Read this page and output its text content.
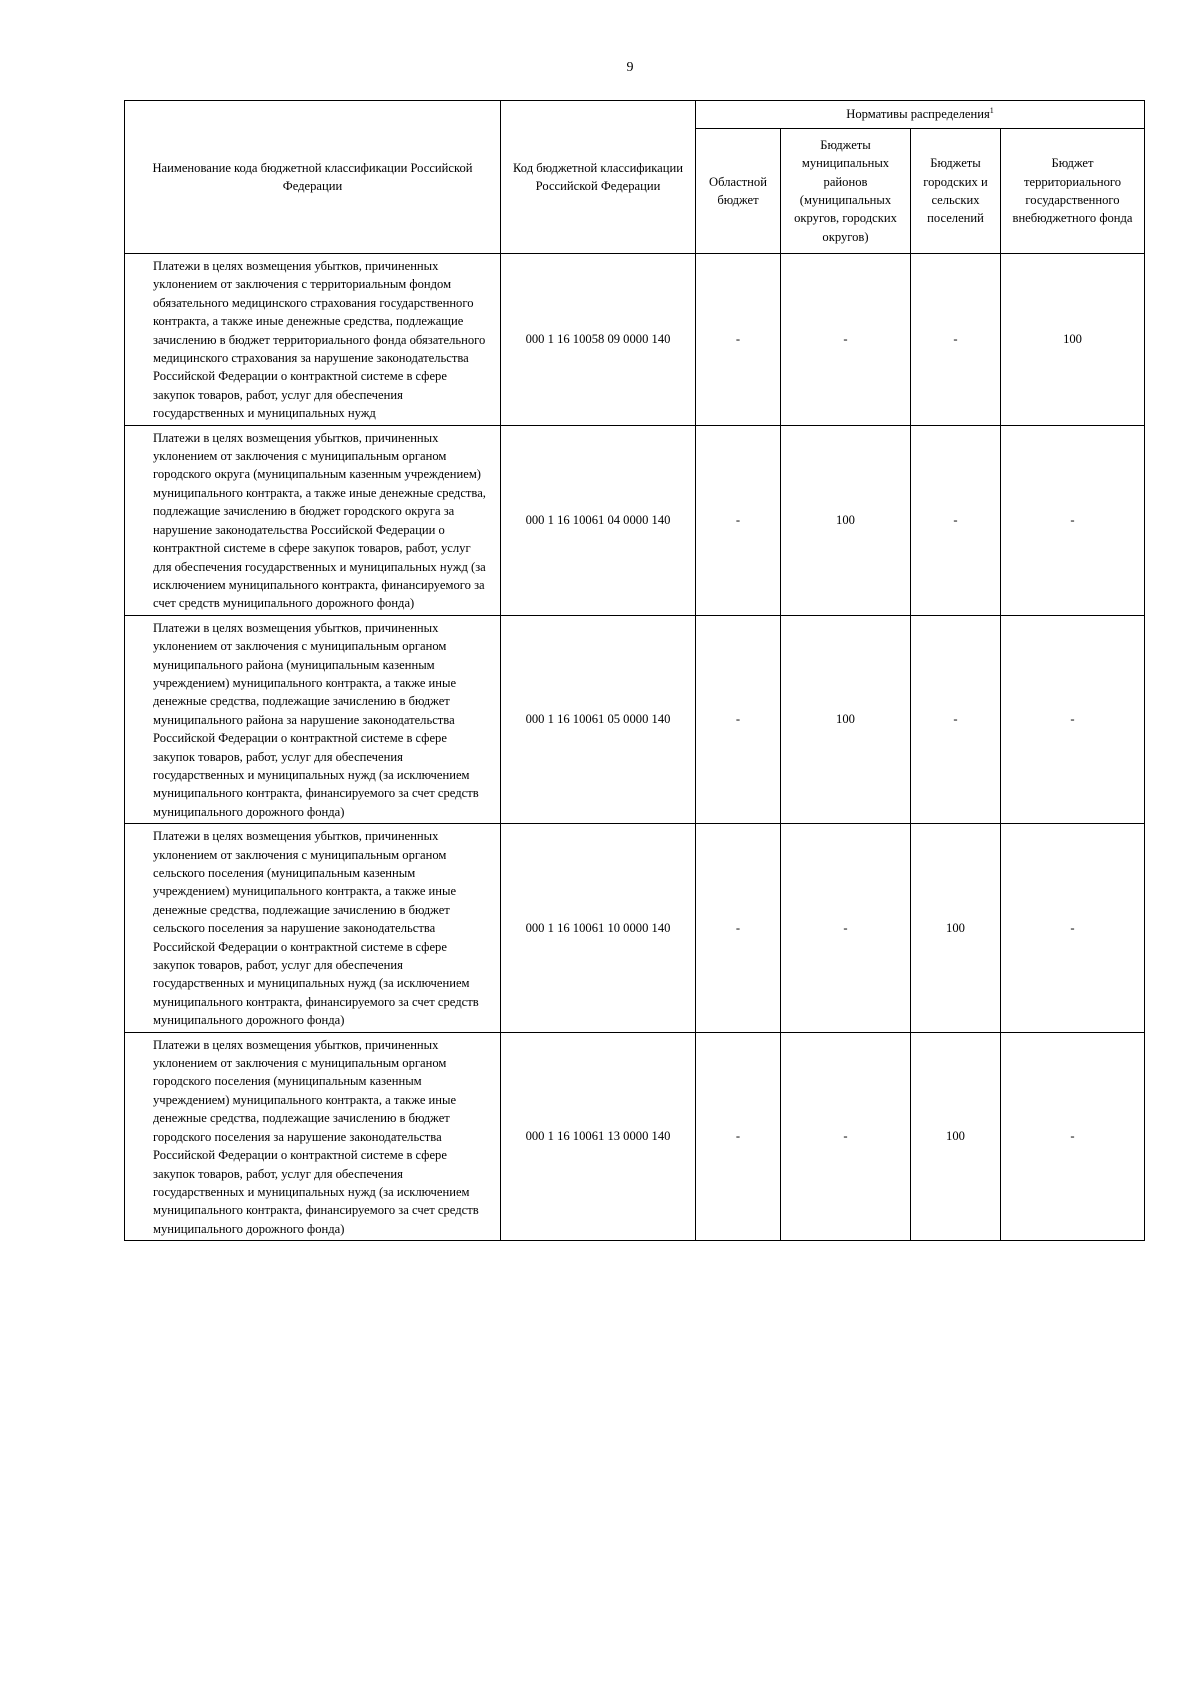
9
Наименование кода бюджетной классификации Российской Федерации	Код бюджетной классификации Российской Федерации	Нормативы распределения$^1$
		Областной бюджет	Бюджеты муниципальных районов (муниципальных округов, городских округов)	Бюджеты городских и сельских поселений	Бюджет территориального государственного внебюджетного фонда
Платежи в целях возмещения убытков, причиненных уклонением от заключения с территориальным фондом обязательного медицинского страхования государственного контракта, а также иные денежные средства, подлежащие зачислению в бюджет территориального фонда обязательного медицинского страхования за нарушение законодательства Российской Федерации о контрактной системе в сфере закупок товаров, работ, услуг для обеспечения государственных и муниципальных нужд	000 1 16 10058 09 0000 140	-	-	-	100
Платежи в целях возмещения убытков, причиненных уклонением от заключения с муниципальным органом городского округа (муниципальным казенным учреждением) муниципального контракта, а также иные денежные средства, подлежащие зачислению в бюджет городского округа за нарушение законодательства Российской Федерации о контрактной системе в сфере закупок товаров, работ, услуг для обеспечения государственных и муниципальных нужд (за исключением муниципального контракта, финансируемого за счет средств муниципального дорожного фонда)	000 1 16 10061 04 0000 140	-	100	-	-
Платежи в целях возмещения убытков, причиненных уклонением от заключения с муниципальным органом муниципального района (муниципальным казенным учреждением) муниципального контракта, а также иные денежные средства, подлежащие зачислению в бюджет муниципального района за нарушение законодательства Российской Федерации о контрактной системе в сфере закупок товаров, работ, услуг для обеспечения государственных и муниципальных нужд (за исключением муниципального контракта, финансируемого за счет средств муниципального дорожного фонда)	000 1 16 10061 05 0000 140	-	100	-	-
Платежи в целях возмещения убытков, причиненных уклонением от заключения с муниципальным органом сельского поселения (муниципальным казенным учреждением) муниципального контракта, а также иные денежные средства, подлежащие зачислению в бюджет сельского поселения за нарушение законодательства Российской Федерации о контрактной системе в сфере закупок товаров, работ, услуг для обеспечения государственных и муниципальных нужд (за исключением муниципального контракта, финансируемого за счет средств муниципального дорожного фонда)	000 1 16 10061 10 0000 140	-	-	100	-
Платежи в целях возмещения убытков, причиненных уклонением от заключения с муниципальным органом городского поселения (муниципальным казенным учреждением) муниципального контракта, а также иные денежные средства, подлежащие зачислению в бюджет городского поселения за нарушение законодательства Российской Федерации о контрактной системе в сфере закупок товаров, работ, услуг для обеспечения государственных и муниципальных нужд (за исключением муниципального контракта, финансируемого за счет средств муниципального дорожного фонда)	000 1 16 10061 13 0000 140	-	-	100	-
